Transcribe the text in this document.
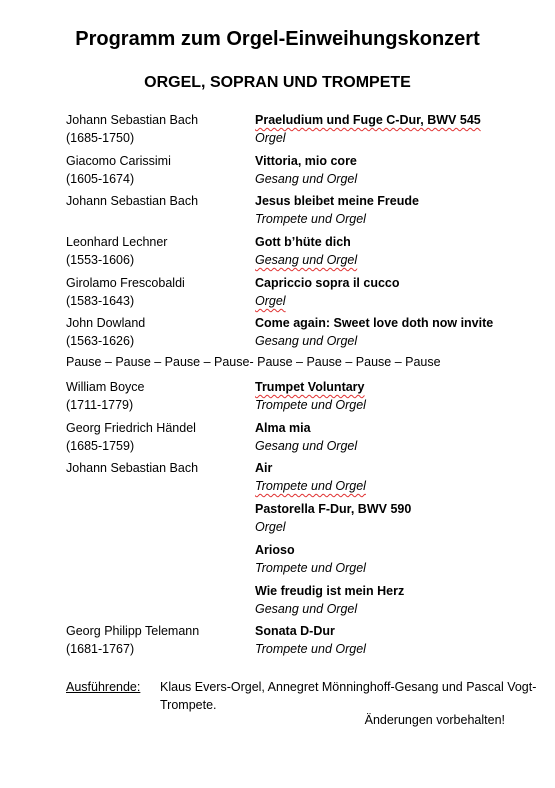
Programm zum Orgel-Einweihungskonzert
ORGEL, SOPRAN UND TROMPETE
Johann Sebastian Bach
(1685-1750)
Praeludium und Fuge C-Dur, BWV 545
Orgel
Giacomo Carissimi
(1605-1674)
Vittoria, mio core
Gesang und Orgel
Johann Sebastian Bach	Jesus bleibet meine Freude
Trompete und Orgel
Leonhard Lechner
(1553-1606)
Gott b’hüte dich
Gesang und Orgel
Girolamo Frescobaldi
(1583-1643)
Capriccio sopra il cucco
Orgel
John Dowland
(1563-1626)
Come again: Sweet love doth now invite
Gesang und Orgel
Pause – Pause – Pause – Pause- Pause – Pause – Pause – Pause
William Boyce
(1711-1779)
Trumpet Voluntary
Trompete und Orgel
Georg Friedrich Händel
(1685-1759)
Alma mia
Gesang und Orgel
Johann Sebastian Bach	Air
Trompete und Orgel
Pastorella F-Dur, BWV 590
Orgel
Arioso
Trompete und Orgel
Wie freudig ist mein Herz
Gesang und Orgel
Georg Philipp Telemann
(1681-1767)
Sonata D-Dur
Trompete und Orgel
Ausführende: Klaus Evers-Orgel, Annegret Mönninghoff-Gesang und Pascal Vogt-Trompete.
Änderungen vorbehalten!
